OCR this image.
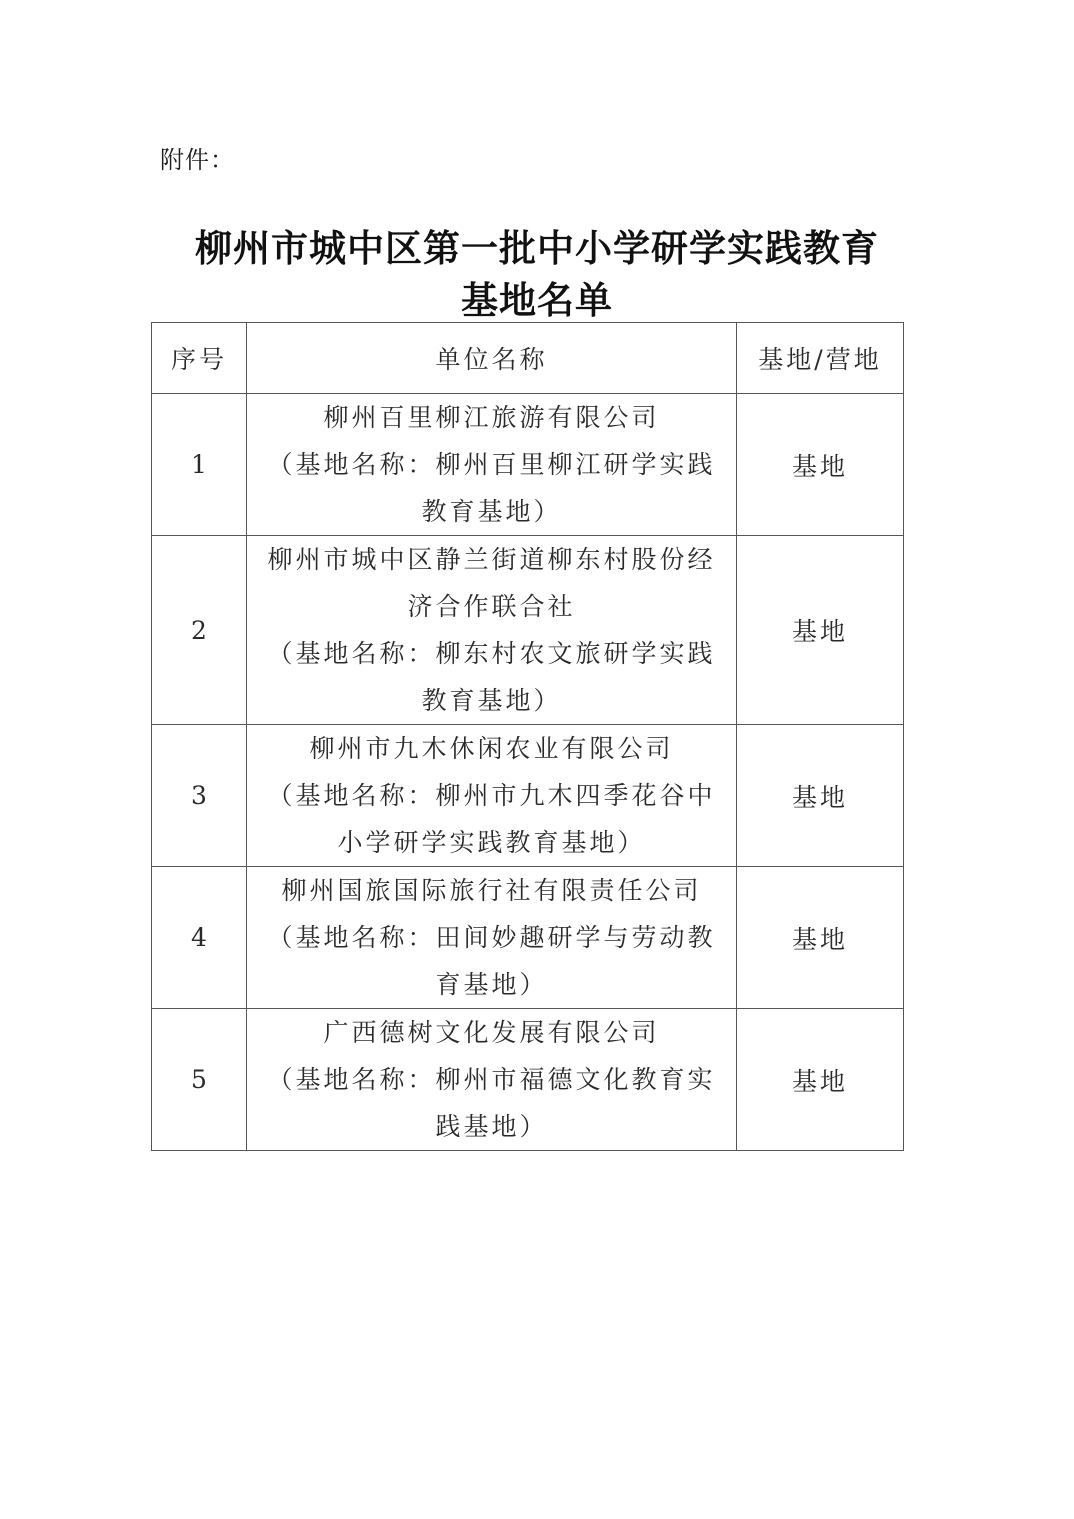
附件：
柳州市城中区第一批中小学研学实践教育
基地名单
序号	单位名称	基地/营地
1	柳州百里柳江旅游有限公司
（基地名称：柳州百里柳江研学实践
教育基地）	基地
2	柳州市城中区静兰街道柳东村股份经
济合作联合社
（基地名称：柳东村农文旅研学实践
教育基地）	基地
3	柳州市九木休闲农业有限公司
（基地名称：柳州市九木四季花谷中
小学研学实践教育基地）	基地
4	柳州国旅国际旅行社有限责任公司
（基地名称：田间妙趣研学与劳动教
育基地）	基地
5	广西德树文化发展有限公司
（基地名称：柳州市福德文化教育实
践基地）	基地
